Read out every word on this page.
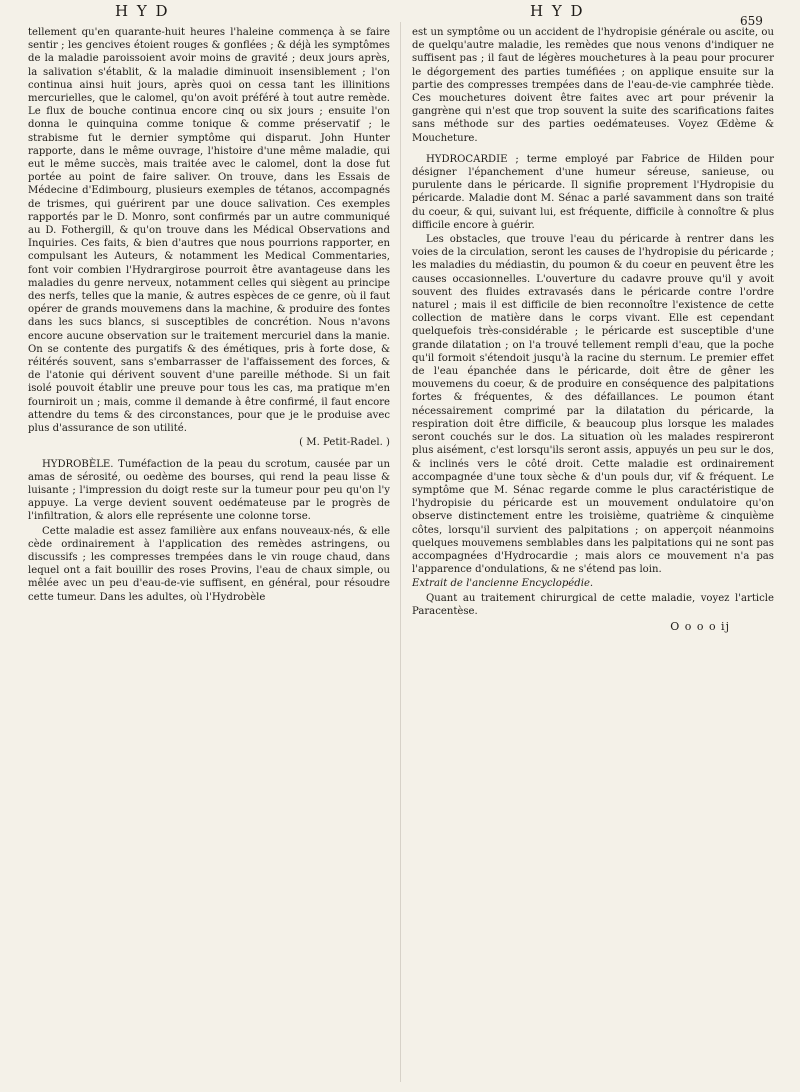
H Y D	H Y D
659

tellement qu'en quarante-huit heures l'haleine commença à se faire sentir ; les gencives étoient rouges & gonflées ; & déjà les symptômes de la maladie paroissoient avoir moins de gravité ; deux jours après, la salivation s'établit, & la maladie diminuoit insensiblement ; l'on continua ainsi huit jours, après quoi on cessa tant les illinitions mercurielles, que le calomel, qu'on avoit préféré à tout autre remède. Le flux de bouche continua encore cinq ou six jours ; ensuite l'on donna le quinquina comme tonique & comme préservatif ; le strabisme fut le dernier symptôme qui disparut. John Hunter rapporte, dans le même ouvrage, l'histoire d'une même maladie, qui eut le même succès, mais traitée avec le calomel, dont la dose fut portée au point de faire saliver. On trouve, dans les Essais de Médecine d'Edimbourg, plusieurs exemples de tétanos, accompagnés de trismes, qui guérirent par une douce salivation. Ces exemples rapportés par le D. Monro, sont confirmés par un autre communiqué au D. Fothergill, & qu'on trouve dans les Médical Observations and Inquiries. Ces faits, & bien d'autres que nous pourrions rapporter, en compulsant les Auteurs, & notamment les Medical Commentaries, font voir combien l'Hydrargirose pourroit être avantageuse dans les maladies du genre nerveux, notamment celles qui siègent au principe des nerfs, telles que la manie, & autres espèces de ce genre, où il faut opérer de grands mouvemens dans la machine, & produire des fontes dans les sucs blancs, si susceptibles de concrétion. Nous n'avons encore aucune observation sur le traitement mercuriel dans la manie. On se contente des purgatifs & des émétiques, pris à forte dose, & réitérés souvent, sans s'embarrasser de l'affaissement des forces, & de l'atonie qui dérivent souvent d'une pareille méthode. Si un fait isolé pouvoit établir une preuve pour tous les cas, ma pratique m'en fourniroit un ; mais, comme il demande à être confirmé, il faut encore attendre du tems & des circonstances, pour que je le produise avec plus d'assurance de son utilité.

( M. Petit-Radel. )

HYDROBÈLE. Tuméfaction de la peau du scrotum, causée par un amas de sérosité, ou oedème des bourses, qui rend la peau lisse & luisante ; l'impression du doigt reste sur la tumeur pour peu qu'on l'y appuye. La verge devient souvent oedémateuse par le progrès de l'infiltration, & alors elle représente une colonne torse.

Cette maladie est assez familière aux enfans nouveaux-nés, & elle cède ordinairement à l'application des remèdes astringens, ou discussifs ; les compresses trempées dans le vin rouge chaud, dans lequel ont a fait bouillir des roses Provins, l'eau de chaux simple, ou mêlée avec un peu d'eau-de-vie suffisent, en général, pour résoudre cette tumeur. Dans les adultes, où l'Hydrobèle

est un symptôme ou un accident de l'hydropisie générale ou ascite, ou de quelqu'autre maladie, les remèdes que nous venons d'indiquer ne suffisent pas ; il faut de légères mouchetures à la peau pour procurer le dégorgement des parties tuméfiées ; on applique ensuite sur la partie des compresses trempées dans de l'eau-de-vie camphrée tiède. Ces mouchetures doivent être faites avec art pour prévenir la gangrène qui n'est que trop souvent la suite des scarifications faites sans méthode sur des parties oedémateuses. Voyez Œdème & Moucheture.

HYDROCARDIE ; terme employé par Fabrice de Hilden pour désigner l'épanchement d'une humeur séreuse, sanieuse, ou purulente dans le péricarde. Il signifie proprement l'Hydropisie du péricarde. Maladie dont M. Sénac a parlé savamment dans son traité du coeur, & qui, suivant lui, est fréquente, difficile à connoître & plus difficile encore à guérir.

Les obstacles, que trouve l'eau du péricarde à rentrer dans les voies de la circulation, seront les causes de l'hydropisie du péricarde ; les maladies du médiastin, du poumon & du coeur en peuvent être les causes occasionnelles. L'ouverture du cadavre prouve qu'il y avoit souvent des fluides extravasés dans le péricarde contre l'ordre naturel ; mais il est difficile de bien reconnoître l'existence de cette collection de matière dans le corps vivant. Elle est cependant quelquefois très-considérable ; le péricarde est susceptible d'une grande dilatation ; on l'a trouvé tellement rempli d'eau, que la poche qu'il formoit s'étendoit jusqu'à la racine du sternum. Le premier effet de l'eau épanchée dans le péricarde, doit être de gêner les mouvemens du coeur, & de produire en conséquence des palpitations fortes & fréquentes, & des défaillances. Le poumon étant nécessairement comprimé par la dilatation du péricarde, la respiration doit être difficile, & beaucoup plus lorsque les malades seront couchés sur le dos. La situation où les malades respireront plus aisément, c'est lorsqu'ils seront assis, appuyés un peu sur le dos, & inclinés vers le côté droit. Cette maladie est ordinairement accompagnée d'une toux sèche & d'un pouls dur, vif & fréquent. Le symptôme que M. Sénac regarde comme le plus caractéristique de l'hydropisie du péricarde est un mouvement ondulatoire qu'on observe distinctement entre les troisième, quatrième & cinquième côtes, lorsqu'il survient des palpitations ; on apperçoit néanmoins quelques mouvemens semblables dans les palpitations qui ne sont pas accompagnées d'Hydrocardie ; mais alors ce mouvement n'a pas l'apparence d'ondulations, & ne s'étend pas loin.

Extrait de l'ancienne Encyclopédie.

Quant au traitement chirurgical de cette maladie, voyez l'article Paracentèse.

O o o o ij
